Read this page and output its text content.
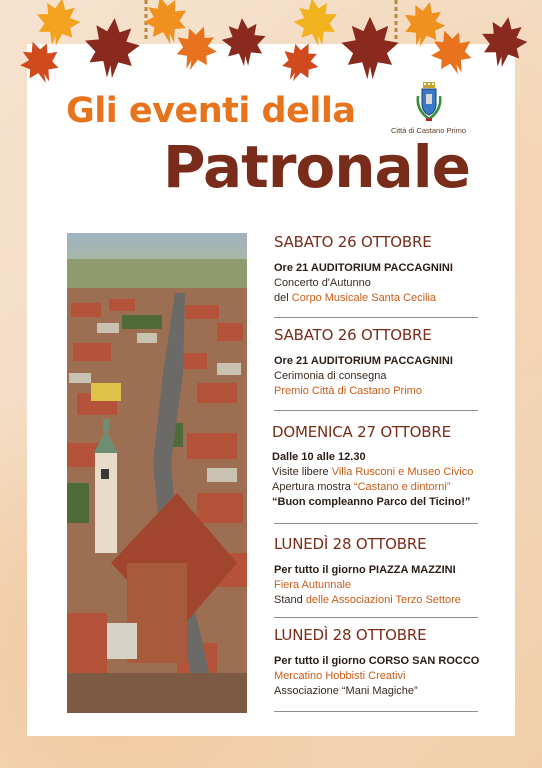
Gli eventi della
Patronale
Città di Castano Primo
SABATO 26 OTTOBRE
Ore 21 AUDITORIUM PACCAGNINI
Concerto d'Autunno
del Corpo Musicale Santa Cecilia
SABATO 26 OTTOBRE
Ore 21 AUDITORIUM PACCAGNINI
Cerimonia di consegna
Premio Città di Castano Primo
DOMENICA 27 OTTOBRE
Dalle 10 alle 12.30
Visite libere Villa Rusconi e Museo Civico
Apertura mostra “Castano e dintorni”
“Buon compleanno Parco del Ticino!”
LUNEDÌ 28 OTTOBRE
Per tutto il giorno PIAZZA MAZZINI
Fiera Autunnale
Stand delle Associazioni Terzo Settore
LUNEDÌ 28 OTTOBRE
Per tutto il giorno CORSO SAN ROCCO
Mercatino Hobbisti Creativi
Associazione “Mani Magiche”
